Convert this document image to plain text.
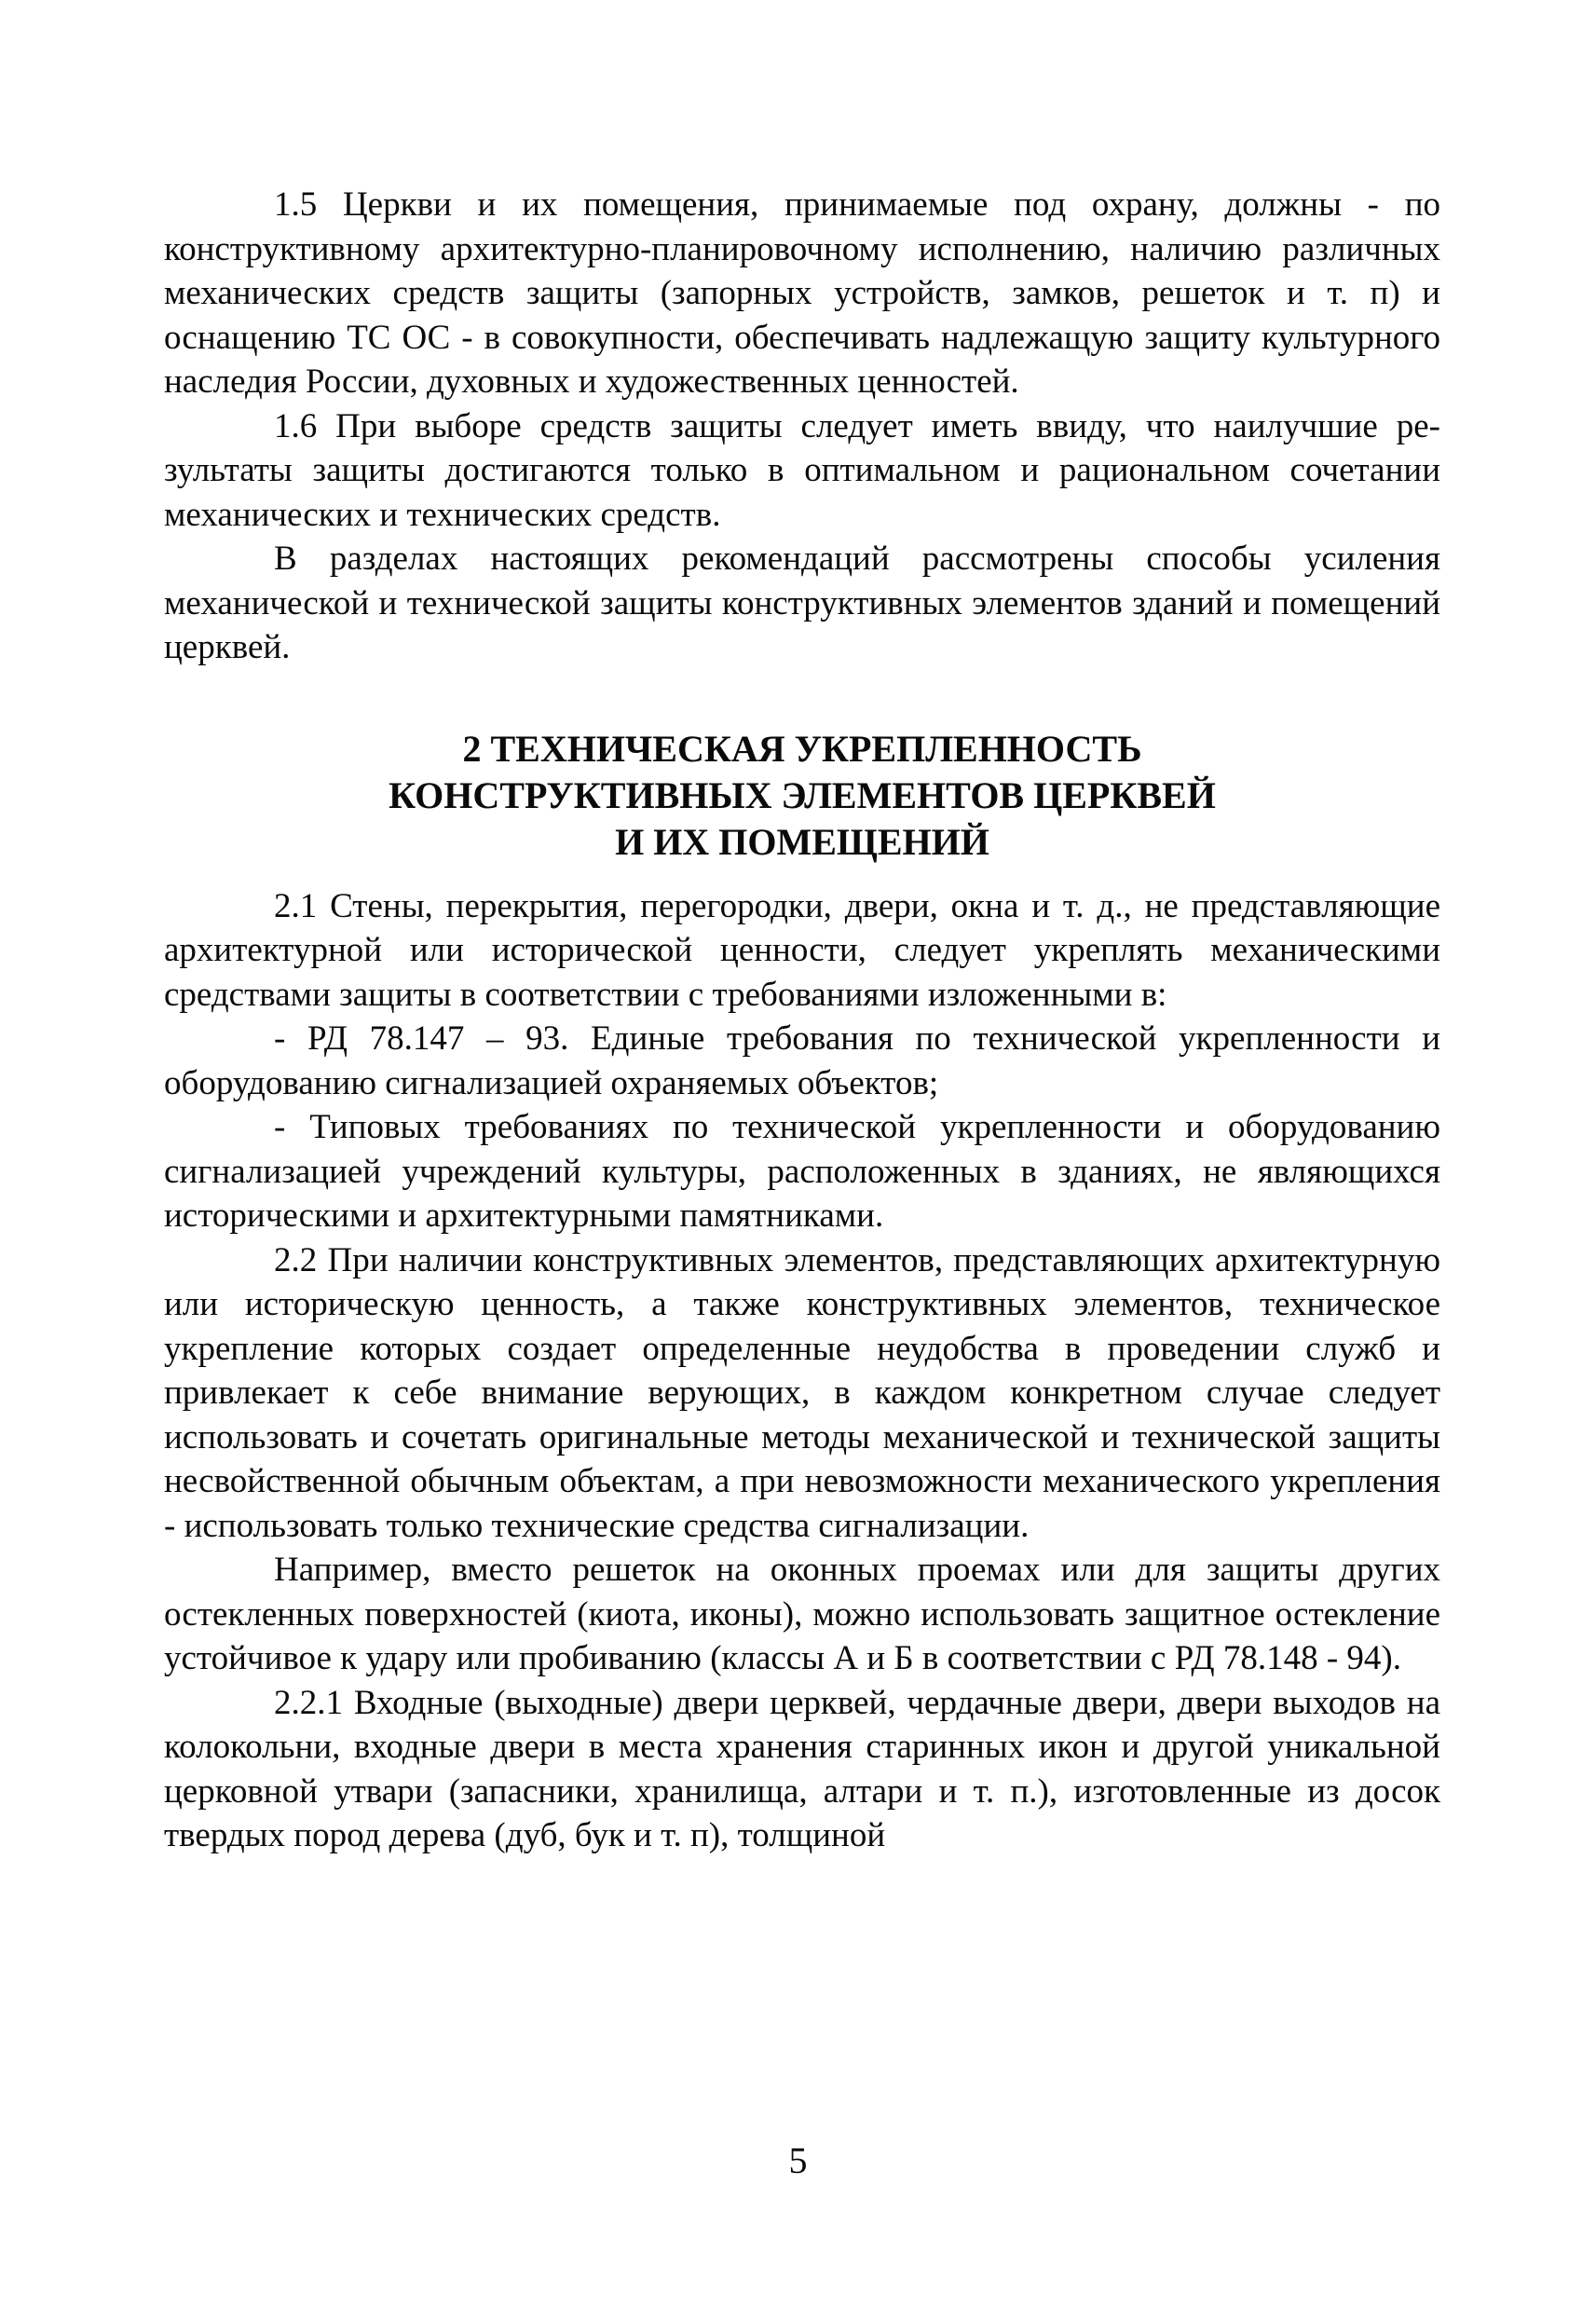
1.5 Церкви и их помещения, принимаемые под охрану, должны - по конструктивному архитектурно-планировочному исполнению, наличию различных механических средств защиты (запорных устройств, замков, решеток и т. п) и оснащению ТС ОС - в совокупности, обеспечивать надлежащую защиту культурного наследия России, духовных и художественных ценностей.

1.6 При выборе средств защиты следует иметь ввиду, что наилучшие результаты защиты достигаются только в оптимальном и рациональном сочетании механических и технических средств.

В разделах настоящих рекомендаций рассмотрены способы усиления механической и технической защиты конструктивных элементов зданий и помещений церквей.

2 ТЕХНИЧЕСКАЯ УКРЕПЛЕННОСТЬ
КОНСТРУКТИВНЫХ ЭЛЕМЕНТОВ ЦЕРКВЕЙ
И ИХ ПОМЕЩЕНИЙ

2.1 Стены, перекрытия, перегородки, двери, окна и т. д., не представляющие архитектурной или исторической ценности, следует укреплять механическими средствами защиты в соответствии с требованиями изложенными в:

- РД 78.147 – 93. Единые требования по технической укрепленности и оборудованию сигнализацией охраняемых объектов;

- Типовых требованиях по технической укрепленности и оборудованию сигнализацией учреждений культуры, расположенных в зданиях, не являющихся историческими и архитектурными памятниками.

2.2 При наличии конструктивных элементов, представляющих архитектурную или историческую ценность, а также конструктивных элементов, техническое укрепление которых создает определенные неудобства в проведении служб и привлекает к себе внимание верующих, в каждом конкретном случае следует использовать и сочетать оригинальные методы механической и технической защиты несвойственной обычным объектам, а при невозможности механического укрепления - использовать только технические средства сигнализации.

Например, вместо решеток на оконных проемах или для защиты других остекленных поверхностей (киота, иконы), можно использовать защитное остекление устойчивое к удару или пробиванию (классы А и Б в соответствии с РД 78.148 - 94).

2.2.1 Входные (выходные) двери церквей, чердачные двери, двери выходов на колокольни, входные двери в места хранения старинных икон и другой уникальной церковной утвари (запасники, хранилища, алтари и т. п.), изготовленные из досок твердых пород дерева (дуб, бук и т. п), толщиной

5
